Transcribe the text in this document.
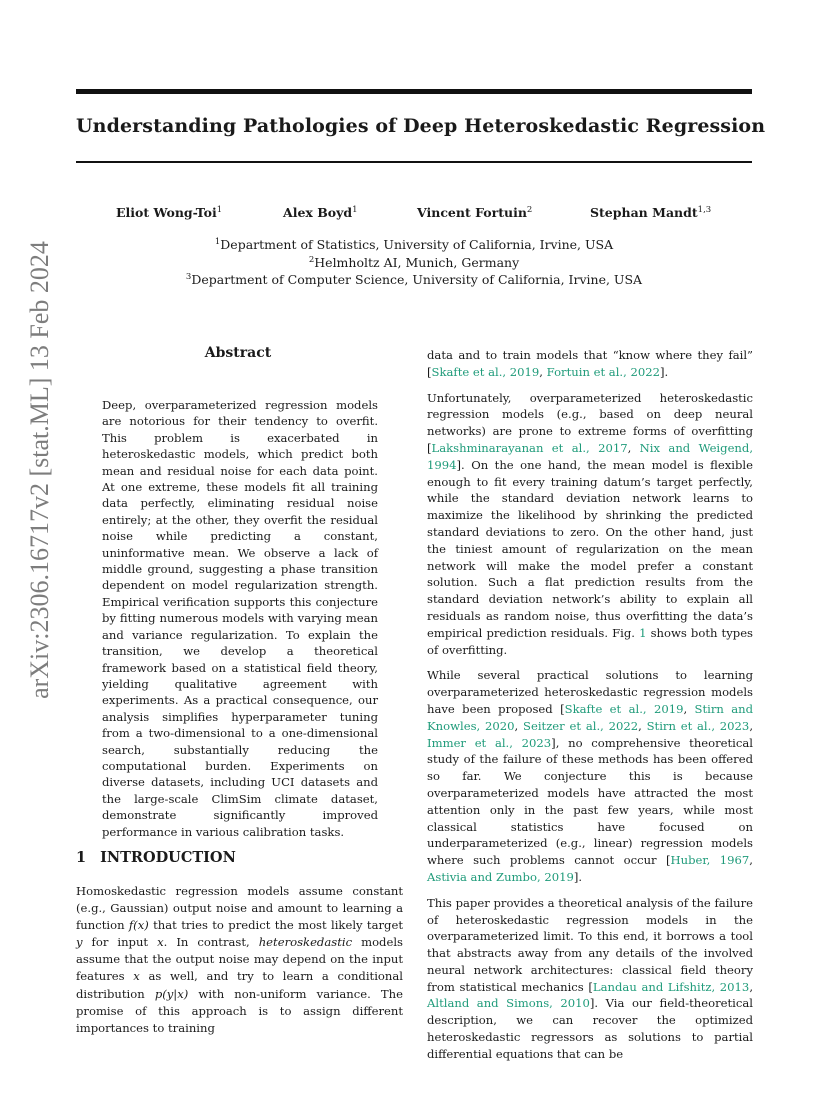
Understanding Pathologies of Deep Heteroskedastic Regression
Eliot Wong-Toi$^1$	Alex Boyd$^1$	Vincent Fortuin$^2$	Stephan Mandt$^{1,3}$
$^1$Department of Statistics, University of California, Irvine, USA
$^2$Helmholtz AI, Munich, Germany
$^3$Department of Computer Science, University of California, Irvine, USA
arXiv:2306.16717v2 [stat.ML] 13 Feb 2024	Abstract
Deep, overparameterized regression models are notorious for their tendency to overfit. This problem is exacerbated in heteroskedastic models, which predict both mean and residual noise for each data point. At one extreme, these models fit all training data perfectly, eliminating residual noise entirely; at the other, they overfit the residual noise while predicting a constant, uninformative mean. We observe a lack of middle ground, suggesting a phase transition dependent on model regularization strength. Empirical verification supports this conjecture by fitting numerous models with varying mean and variance regularization. To explain the transition, we develop a theoretical framework based on a statistical field theory, yielding qualitative agreement with experiments. As a practical consequence, our analysis simplifies hyperparameter tuning from a two-dimensional to a one-dimensional search, substantially reducing the computational burden. Experiments on diverse datasets, including UCI datasets and the large-scale ClimSim climate dataset, demonstrate significantly improved performance in various calibration tasks.
1 INTRODUCTION

Homoskedastic regression models assume constant (e.g., Gaussian) output noise and amount to learning a function f(x) that tries to predict the most likely target y for input x. In contrast, heteroskedastic models assume that the output noise may depend on the input features x as well, and try to learn a conditional distribution p(y|x) with non-uniform variance. The promise of this approach is to assign different importances to training

data and to train models that “know where they fail” [Skafte et al., 2019, Fortuin et al., 2022].

Unfortunately, overparameterized heteroskedastic regression models (e.g., based on deep neural networks) are prone to extreme forms of overfitting [Lakshminarayanan et al., 2017, Nix and Weigend, 1994]. On the one hand, the mean model is flexible enough to fit every training datum’s target perfectly, while the standard deviation network learns to maximize the likelihood by shrinking the predicted standard deviations to zero. On the other hand, just the tiniest amount of regularization on the mean network will make the model prefer a constant solution. Such a flat prediction results from the standard deviation network’s ability to explain all residuals as random noise, thus overfitting the data’s empirical prediction residuals. Fig. 1 shows both types of overfitting.

While several practical solutions to learning overparameterized heteroskedastic regression models have been proposed [Skafte et al., 2019, Stirn and Knowles, 2020, Seitzer et al., 2022, Stirn et al., 2023, Immer et al., 2023], no comprehensive theoretical study of the failure of these methods has been offered so far. We conjecture this is because overparameterized models have attracted the most attention only in the past few years, while most classical statistics have focused on underparameterized (e.g., linear) regression models where such problems cannot occur [Huber, 1967, Astivia and Zumbo, 2019].

This paper provides a theoretical analysis of the failure of heteroskedastic regression models in the overparameterized limit. To this end, it borrows a tool that abstracts away from any details of the involved neural network architectures: classical field theory from statistical mechanics [Landau and Lifshitz, 2013, Altland and Simons, 2010]. Via our field-theoretical description, we can recover the optimized heteroskedastic regressors as solutions to partial differential equations that can be
